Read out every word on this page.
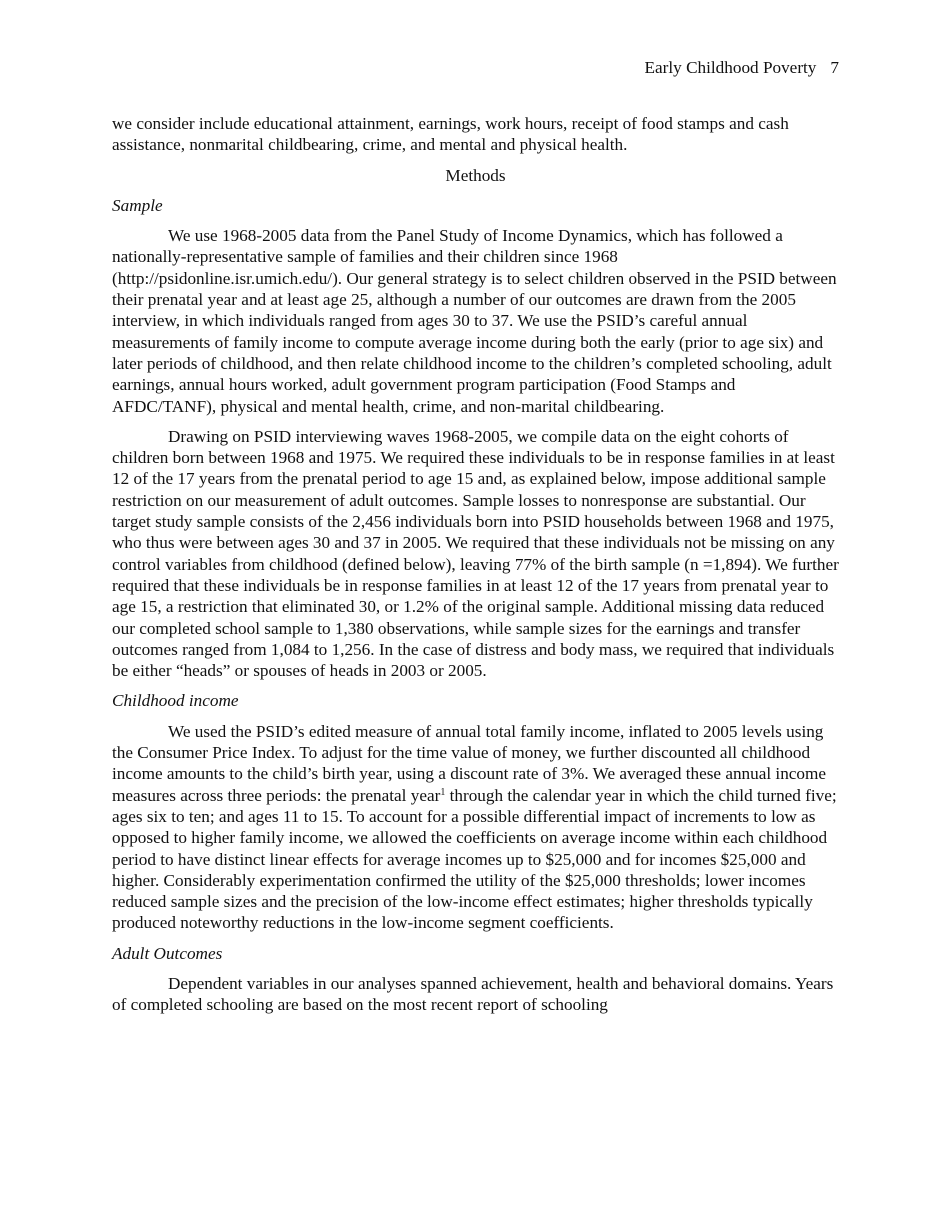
Early Childhood Poverty 7

we consider include educational attainment, earnings, work hours, receipt of food stamps and cash assistance, nonmarital childbearing, crime, and mental and physical health.

Methods

Sample

We use 1968-2005 data from the Panel Study of Income Dynamics, which has followed a nationally-representative sample of families and their children since 1968 (http://psidonline.isr.umich.edu/). Our general strategy is to select children observed in the PSID between their prenatal year and at least age 25, although a number of our outcomes are drawn from the 2005 interview, in which individuals ranged from ages 30 to 37. We use the PSID’s careful annual measurements of family income to compute average income during both the early (prior to age six) and later periods of childhood, and then relate childhood income to the children’s completed schooling, adult earnings, annual hours worked, adult government program participation (Food Stamps and AFDC/TANF), physical and mental health, crime, and non-marital childbearing.

Drawing on PSID interviewing waves 1968-2005, we compile data on the eight cohorts of children born between 1968 and 1975. We required these individuals to be in response families in at least 12 of the 17 years from the prenatal period to age 15 and, as explained below, impose additional sample restriction on our measurement of adult outcomes. Sample losses to nonresponse are substantial. Our target study sample consists of the 2,456 individuals born into PSID households between 1968 and 1975, who thus were between ages 30 and 37 in 2005. We required that these individuals not be missing on any control variables from childhood (defined below), leaving 77% of the birth sample (n =1,894). We further required that these individuals be in response families in at least 12 of the 17 years from prenatal year to age 15, a restriction that eliminated 30, or 1.2% of the original sample. Additional missing data reduced our completed school sample to 1,380 observations, while sample sizes for the earnings and transfer outcomes ranged from 1,084 to 1,256. In the case of distress and body mass, we required that individuals be either “heads” or spouses of heads in 2003 or 2005.

Childhood income

We used the PSID’s edited measure of annual total family income, inflated to 2005 levels using the Consumer Price Index. To adjust for the time value of money, we further discounted all childhood income amounts to the child’s birth year, using a discount rate of 3%. We averaged these annual income measures across three periods: the prenatal year$^1$ through the calendar year in which the child turned five; ages six to ten; and ages 11 to 15. To account for a possible differential impact of increments to low as opposed to higher family income, we allowed the coefficients on average income within each childhood period to have distinct linear effects for average incomes up to $25,000 and for incomes $25,000 and higher. Considerably experimentation confirmed the utility of the $25,000 thresholds; lower incomes reduced sample sizes and the precision of the low-income effect estimates; higher thresholds typically produced noteworthy reductions in the low-income segment coefficients.

Adult Outcomes

Dependent variables in our analyses spanned achievement, health and behavioral domains. Years of completed schooling are based on the most recent report of schooling
